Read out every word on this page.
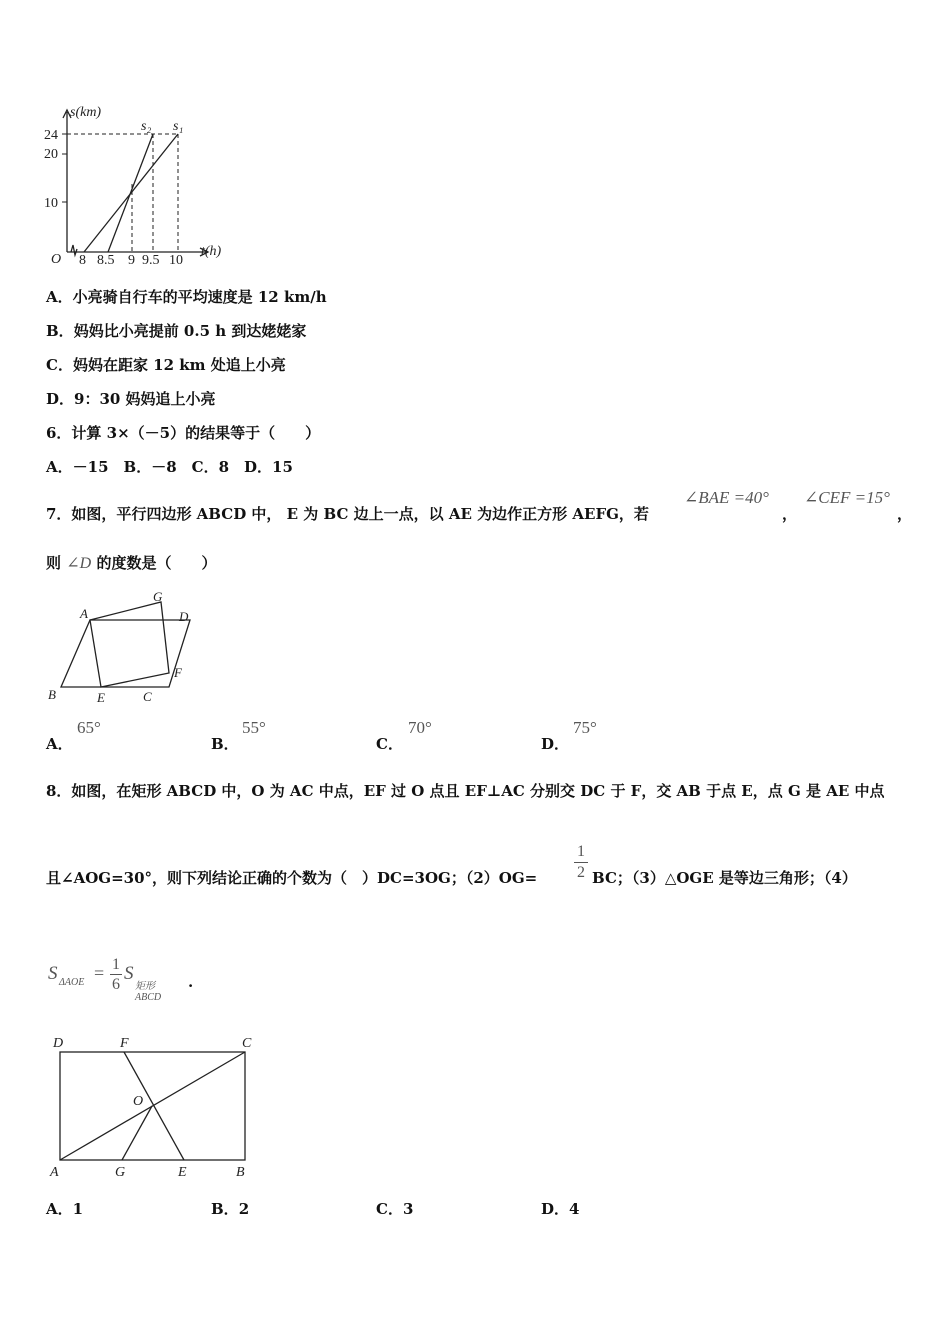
s(km)
t(h)
O
24
20
10
8 8.5 9 9.5 10
s₂ s₁
A．小亮骑自行车的平均速度是 12 km/h
B．妈妈比小亮提前 0.5 h 到达姥姥家
C．妈妈在距家 12 km 处追上小亮
D．9：30 妈妈追上小亮
6．计算 3×（－5）的结果等于（　　）
A．－15　B．－8　C．8　D．15
7．如图，平行四边形 ABCD 中， E 为 BC 边上一点，以 AE 为边作正方形 AEFG，若
∠BAE =40°
，
∠CEF =15°
，
则 ∠D 的度数是（　　）
A
G
D
F
B	E	C
A．
65°
B．
55°
C．
70°
D．
75°
8．如图，在矩形 ABCD 中，O 为 AC 中点，EF 过 O 点且 EF⊥AC 分别交 DC 于 F，交 AB 于点 E，点 G 是 AE 中点
且∠AOG=30°，则下列结论正确的个数为（　）DC=3OG；（2）OG=
1
2 BC；（3）△OGE 是等边三角形；（4）
S ΔAOE = 1
6
S
矩形ABCD
.
D	F	C
O
A	G	E	B
A．1	B．2	C．3	D．4
